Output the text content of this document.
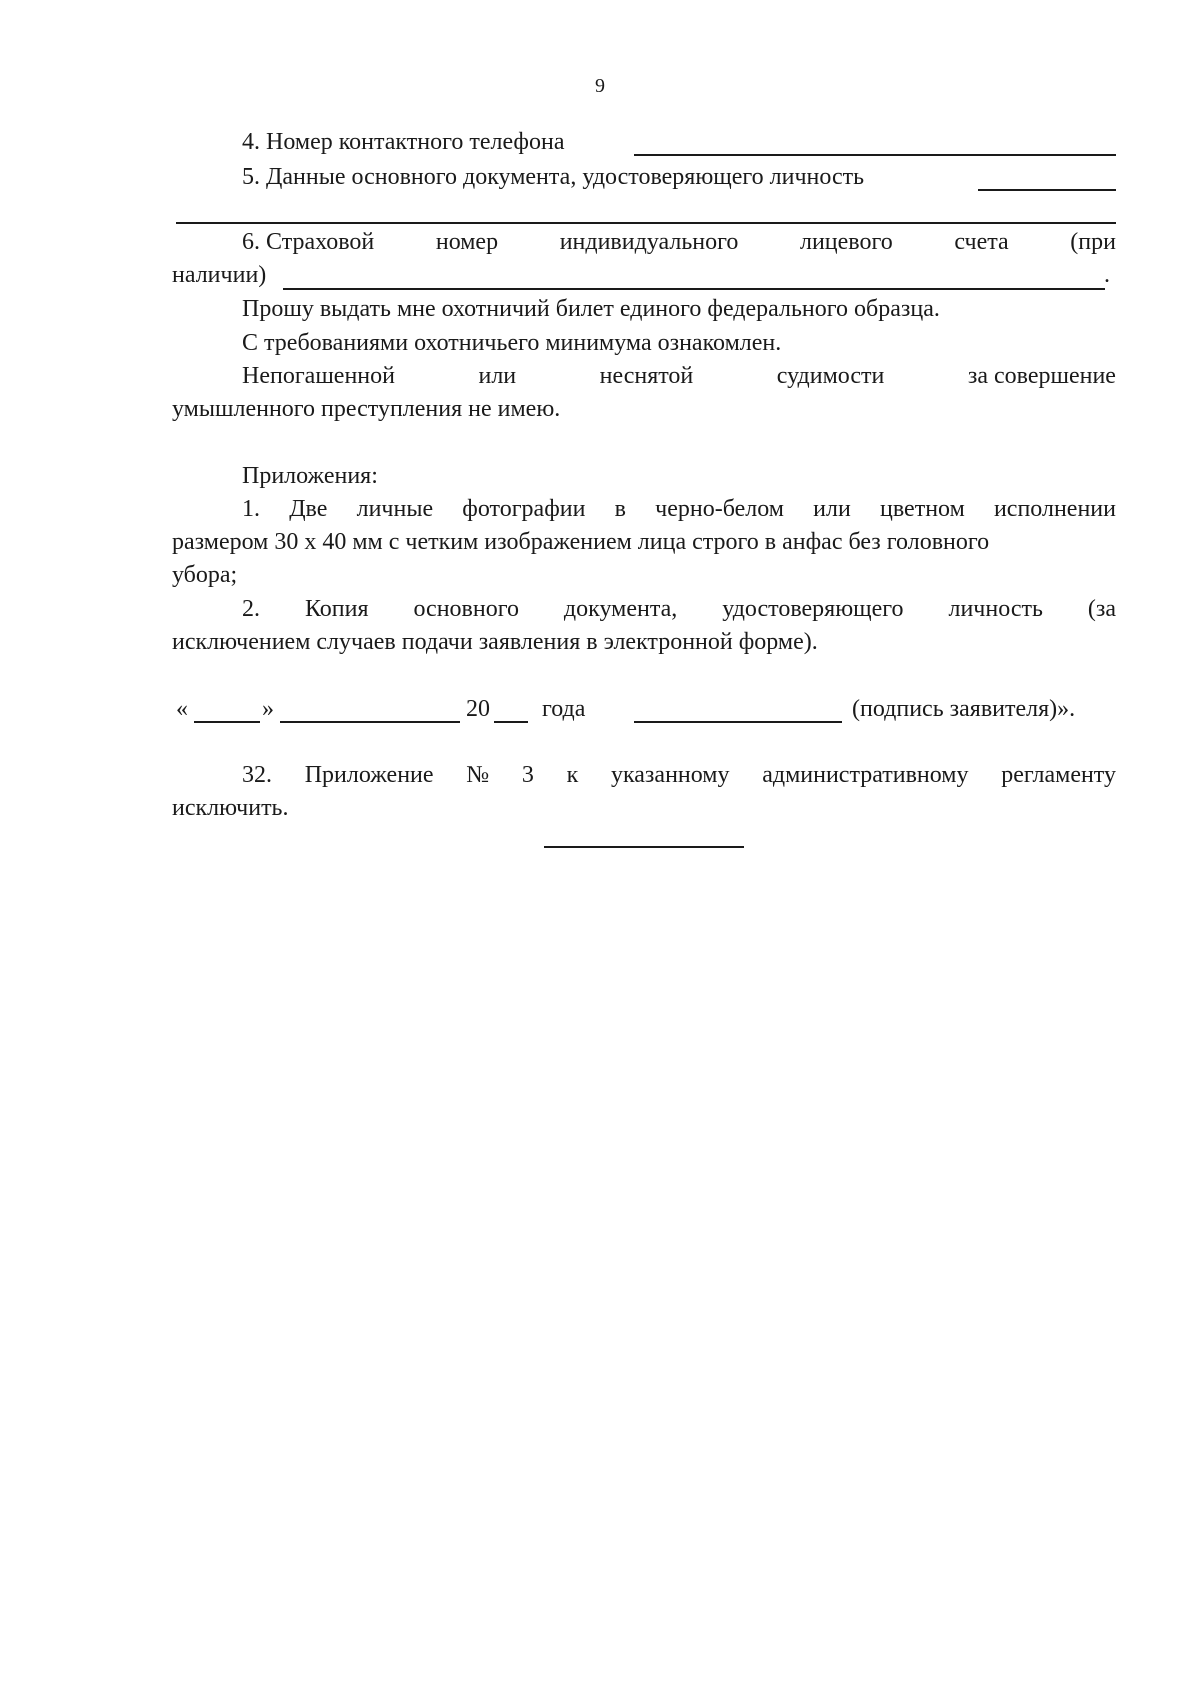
9
4. Номер контактного телефона
5. Данные основного документа, удостоверяющего личность
6. Страховой	номер	индивидуального	лицевого	счета	(при
наличии)	.
Прошу выдать мне охотничий билет единого федерального образца.
С требованиями охотничьего минимума ознакомлен.
Непогашенной	или	неснятой	судимости	за совершение
умышленного преступления не имею.
Приложения:
1. Две личные фотографии в черно-белом или цветном исполнении
размером 30 х 40 мм с четким изображением лица строго в анфас без головного
убора;
2. Копия основного документа, удостоверяющего личность (за
исключением случаев подачи заявления в электронной форме).
«	»	20 года	(подпись заявителя)».
32. Приложение № 3 к указанному административному регламенту
исключить.
